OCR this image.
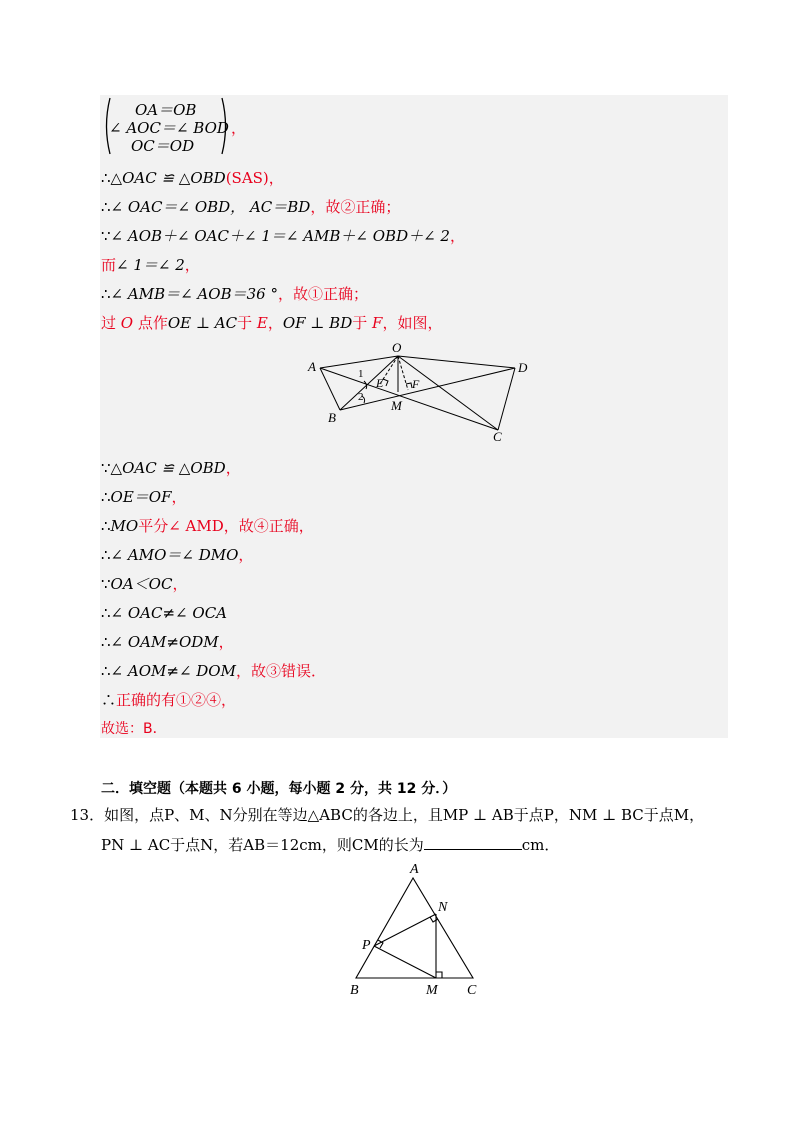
OA＝OB
∠ AOC＝∠ BOD
OC＝OD
，
∴△OAC ≌ △OBD(SAS)，
∴∠ OAC＝∠ OBD， AC＝BD，故②正确；
∵∠ AOB＋∠ OAC＋∠ 1＝∠ AMB＋∠ OBD＋∠ 2，
而∠ 1＝∠ 2，
∴∠ AMB＝∠ AOB＝36 °，故①正确；
过 O 点作OE ⊥ AC于 E，OF ⊥ BD于 F，如图，
A
O
D
B
C
E F
M
1
2
∵△OAC ≌ △OBD，
∴OE＝OF，
∴MO平分∠ AMD，故④正确，
∴∠ AMO＝∠ DMO，
∵OA＜OC，
∴∠ OAC≠∠ OCA
∴∠ OAM≠ODM，
∴∠ AOM≠∠ DOM，故③错误．
∴正确的有①②④，
故选：B．
二．填空题（本题共 6 小题，每小题 2 分，共 12 分．）
13．如图，点P、M、N分别在等边△ABC的各边上，且MP ⊥ AB于点P，NM ⊥ BC于点M，
PN ⊥ AC于点N，若AB＝12cm，则CM的长为	cm．
A
N
P
B	M C
